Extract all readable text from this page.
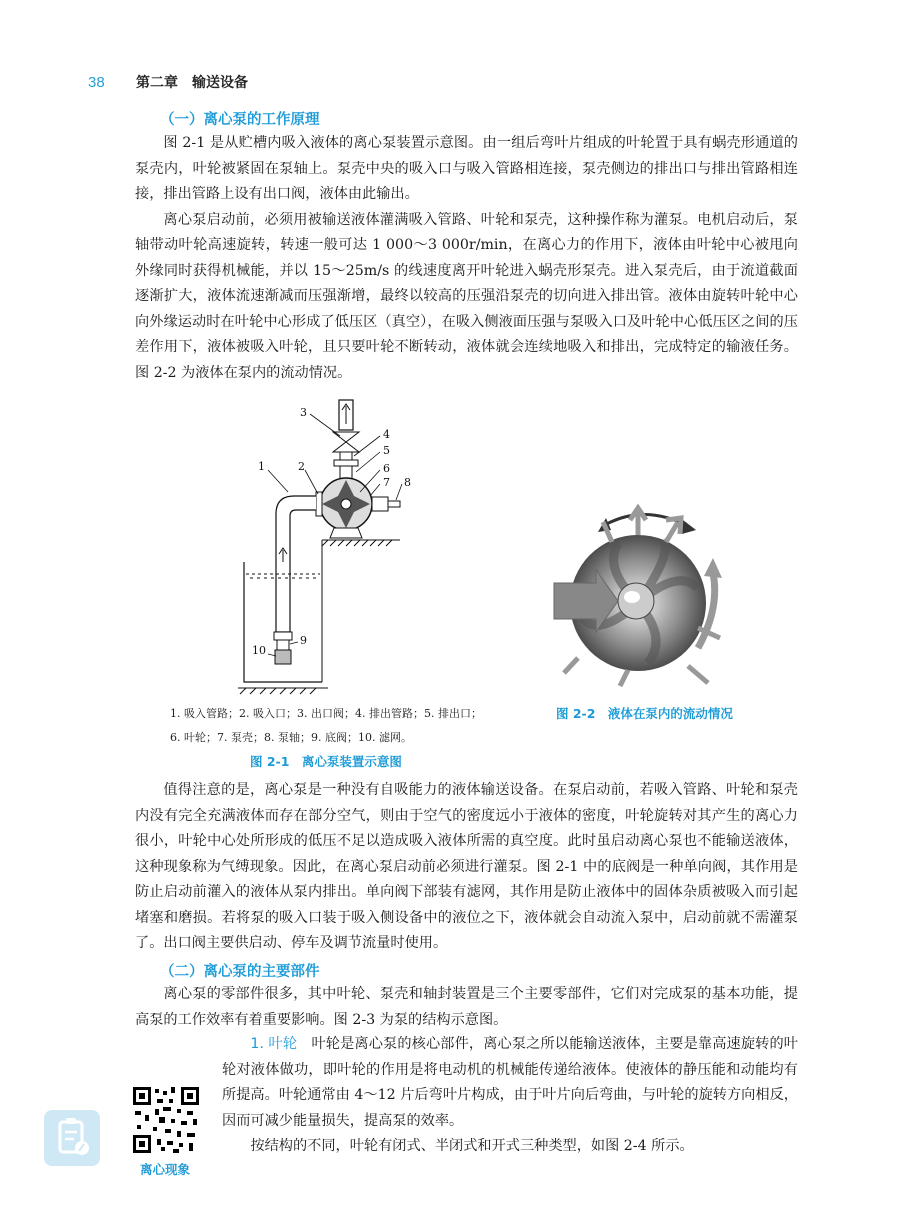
38 第二章　输送设备
（一）离心泵的工作原理

图 2-1 是从贮槽内吸入液体的离心泵装置示意图。由一组后弯叶片组成的叶轮置于具有蜗壳形通道的泵壳内，叶轮被紧固在泵轴上。泵壳中央的吸入口与吸入管路相连接，泵壳侧边的排出口与排出管路相连接，排出管路上设有出口阀，液体由此输出。

离心泵启动前，必须用被输送液体灌满吸入管路、叶轮和泵壳，这种操作称为灌泵。电机启动后，泵轴带动叶轮高速旋转，转速一般可达 1 000～3 000r/min，在离心力的作用下，液体由叶轮中心被甩向外缘同时获得机械能，并以 15～25m/s 的线速度离开叶轮进入蜗壳形泵壳。进入泵壳后，由于流道截面逐渐扩大，液体流速渐减而压强渐增，最终以较高的压强沿泵壳的切向进入排出管。液体由旋转叶轮中心向外缘运动时在叶轮中心形成了低压区（真空），在吸入侧液面压强与泵吸入口及叶轮中心低压区之间的压差作用下，液体被吸入叶轮，且只要叶轮不断转动，液体就会连续地吸入和排出，完成特定的输液任务。图 2-2 为液体在泵内的流动情况。

1	2
3
4
5
6
7 8
9
10
1. 吸入管路；2. 吸入口；3. 出口阀；4. 排出管路；5. 排出口；
6. 叶轮；7. 泵壳；8. 泵轴；9. 底阀；10. 滤网。
图 2-1　离心泵装置示意图
图 2-2　液体在泵内的流动情况

值得注意的是，离心泵是一种没有自吸能力的液体输送设备。在泵启动前，若吸入管路、叶轮和泵壳内没有完全充满液体而存在部分空气，则由于空气的密度远小于液体的密度，叶轮旋转对其产生的离心力很小，叶轮中心处所形成的低压不足以造成吸入液体所需的真空度。此时虽启动离心泵也不能输送液体，这种现象称为气缚现象。因此，在离心泵启动前必须进行灌泵。图 2-1 中的底阀是一种单向阀，其作用是防止启动前灌入的液体从泵内排出。单向阀下部装有滤网，其作用是防止液体中的固体杂质被吸入而引起堵塞和磨损。若将泵的吸入口装于吸入侧设备中的液位之下，液体就会自动流入泵中，启动前就不需灌泵了。出口阀主要供启动、停车及调节流量时使用。

（二）离心泵的主要部件

离心泵的零部件很多，其中叶轮、泵壳和轴封装置是三个主要零部件，它们对完成泵的基本功能，提高泵的工作效率有着重要影响。图 2-3 为泵的结构示意图。

1. 叶轮　 叶轮是离心泵的核心部件，离心泵之所以能输送液体，主要是靠高速旋转的叶轮对液体做功，即叶轮的作用是将电动机的机械能传递给液体。使液体的静压能和动能均有所提高。叶轮通常由 4～12 片后弯叶片构成，由于叶片向后弯曲，与叶轮的旋转方向相反，因而可减少能量损失，提高泵的效率。

按结构的不同，叶轮有闭式、半闭式和开式三种类型，如图 2-4 所示。

离心现象
